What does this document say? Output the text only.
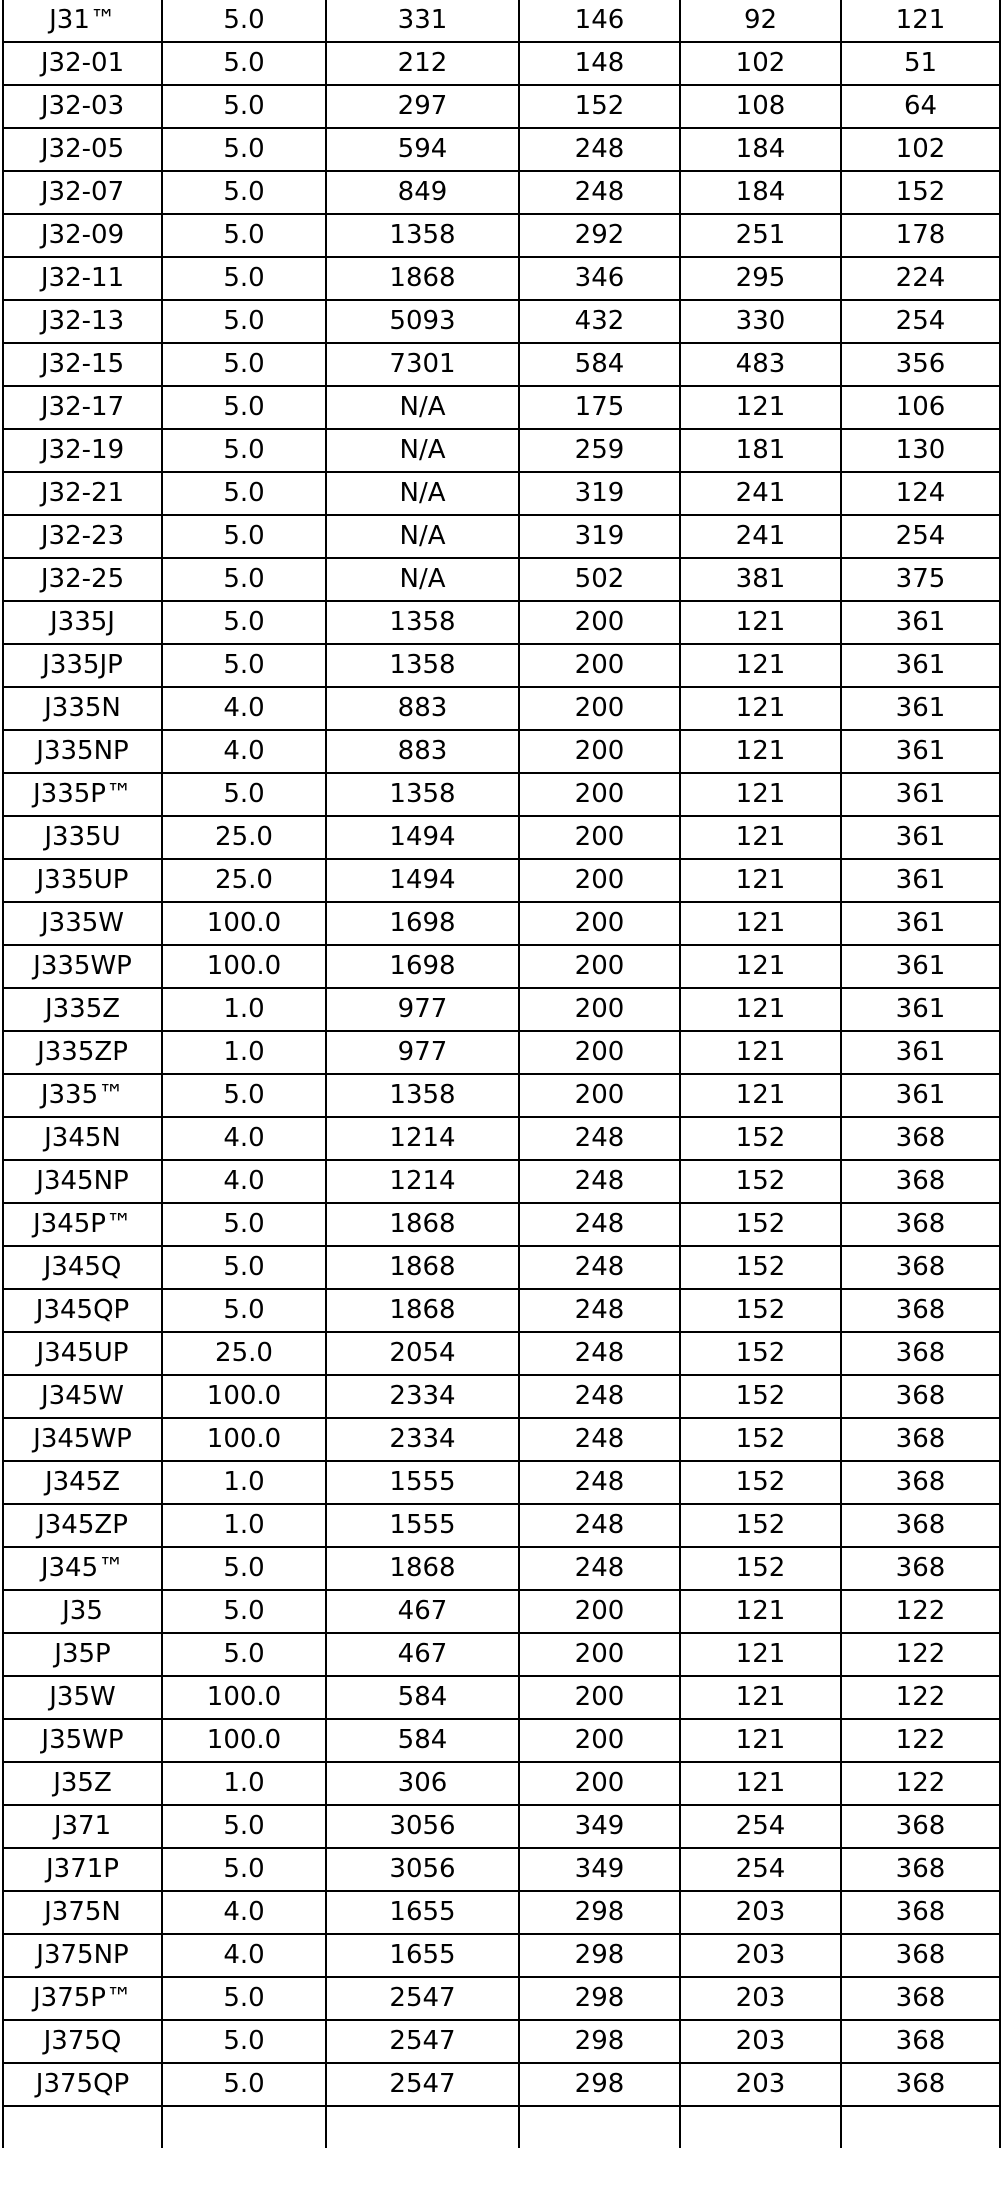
J31™	5.0	331	146	92	121
J32-01	5.0	212	148	102	51
J32-03	5.0	297	152	108	64
J32-05	5.0	594	248	184	102
J32-07	5.0	849	248	184	152
J32-09	5.0	1358	292	251	178
J32-11	5.0	1868	346	295	224
J32-13	5.0	5093	432	330	254
J32-15	5.0	7301	584	483	356
J32-17	5.0	N/A	175	121	106
J32-19	5.0	N/A	259	181	130
J32-21	5.0	N/A	319	241	124
J32-23	5.0	N/A	319	241	254
J32-25	5.0	N/A	502	381	375
J335J	5.0	1358	200	121	361
J335JP	5.0	1358	200	121	361
J335N	4.0	883	200	121	361
J335NP	4.0	883	200	121	361
J335P™	5.0	1358	200	121	361
J335U	25.0	1494	200	121	361
J335UP	25.0	1494	200	121	361
J335W	100.0	1698	200	121	361
J335WP	100.0	1698	200	121	361
J335Z	1.0	977	200	121	361
J335ZP	1.0	977	200	121	361
J335™	5.0	1358	200	121	361
J345N	4.0	1214	248	152	368
J345NP	4.0	1214	248	152	368
J345P™	5.0	1868	248	152	368
J345Q	5.0	1868	248	152	368
J345QP	5.0	1868	248	152	368
J345UP	25.0	2054	248	152	368
J345W	100.0	2334	248	152	368
J345WP	100.0	2334	248	152	368
J345Z	1.0	1555	248	152	368
J345ZP	1.0	1555	248	152	368
J345™	5.0	1868	248	152	368
J35	5.0	467	200	121	122
J35P	5.0	467	200	121	122
J35W	100.0	584	200	121	122
J35WP	100.0	584	200	121	122
J35Z	1.0	306	200	121	122
J371	5.0	3056	349	254	368
J371P	5.0	3056	349	254	368
J375N	4.0	1655	298	203	368
J375NP	4.0	1655	298	203	368
J375P™	5.0	2547	298	203	368
J375Q	5.0	2547	298	203	368
J375QP	5.0	2547	298	203	368
